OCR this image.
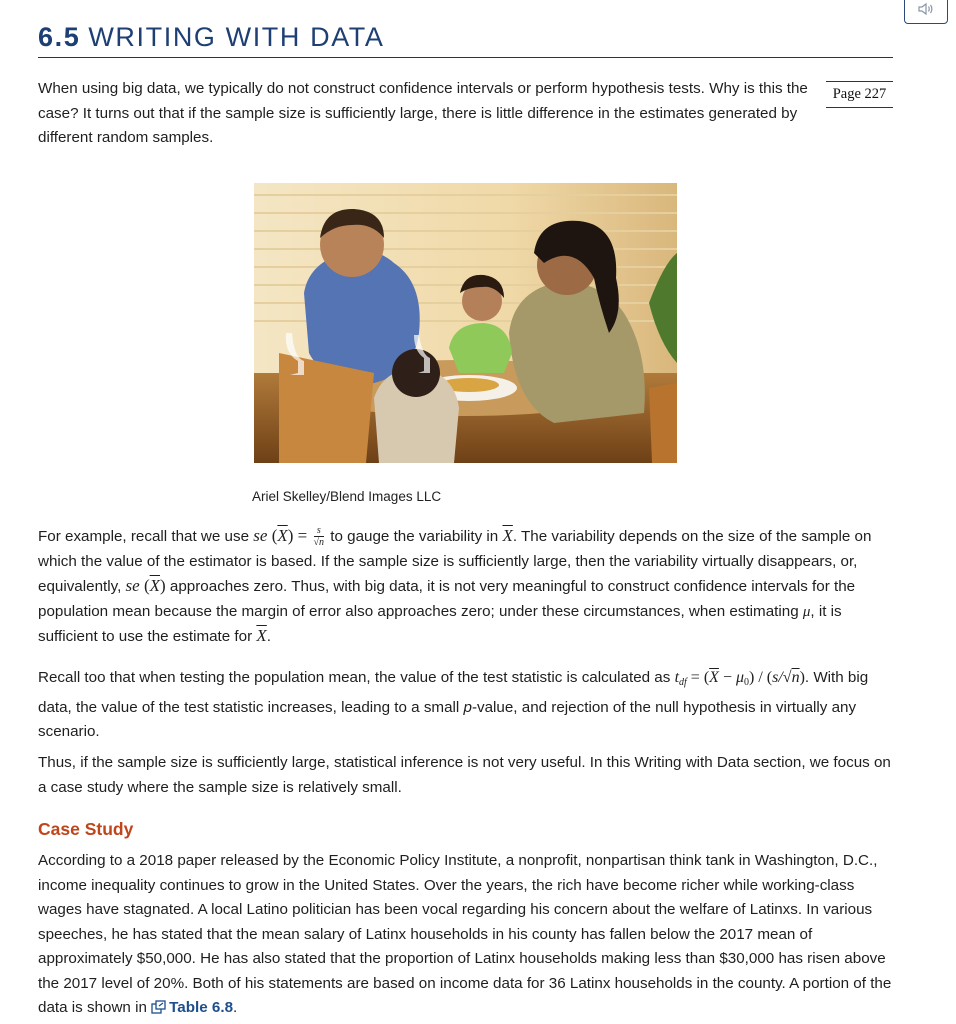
6.5 WRITING WITH DATA
Page 227

When using big data, we typically do not construct confidence intervals or perform hypothesis tests. Why is this the case? It turns out that if the sample size is sufficiently large, there is little difference in the estimates generated by different random samples.

Ariel Skelley/Blend Images LLC

For example, recall that we use se $(\overline{X}) = \frac{s}{√n}$ to gauge the variability in $\overline{X}$. The variability depends on the size of the sample on which the value of the estimator is based. If the sample size is sufficiently large, then the variability virtually disappears, or, equivalently, se $(\overline{X})$ approaches zero. Thus, with big data, it is not very meaningful to construct confidence intervals for the population mean because the margin of error also approaches zero; under these circumstances, when estimating μ, it is sufficient to use the estimate for $\overline{X}$.

Recall too that when testing the population mean, the value of the test statistic is calculated as $t_{df} = (\overline{X} - \mu_0) / (s/√n)$. With big data, the value of the test statistic increases, leading to a small p-value, and rejection of the null hypothesis in virtually any scenario.

Thus, if the sample size is sufficiently large, statistical inference is not very useful. In this Writing with Data section, we focus on a case study where the sample size is relatively small.

Case Study

According to a 2018 paper released by the Economic Policy Institute, a nonprofit, nonpartisan think tank in Washington, D.C., income inequality continues to grow in the United States. Over the years, the rich have become richer while working-class wages have stagnated. A local Latino politician has been vocal regarding his concern about the welfare of Latinxs. In various speeches, he has stated that the mean salary of Latinx households in his county has fallen below the 2017 mean of approximately $50,000. He has also stated that the proportion of Latinx households making less than $30,000 has risen above the 2017 level of 20%. Both of his statements are based on income data for 36 Latinx households in the county. A portion of the data is shown in Table 6.8.
